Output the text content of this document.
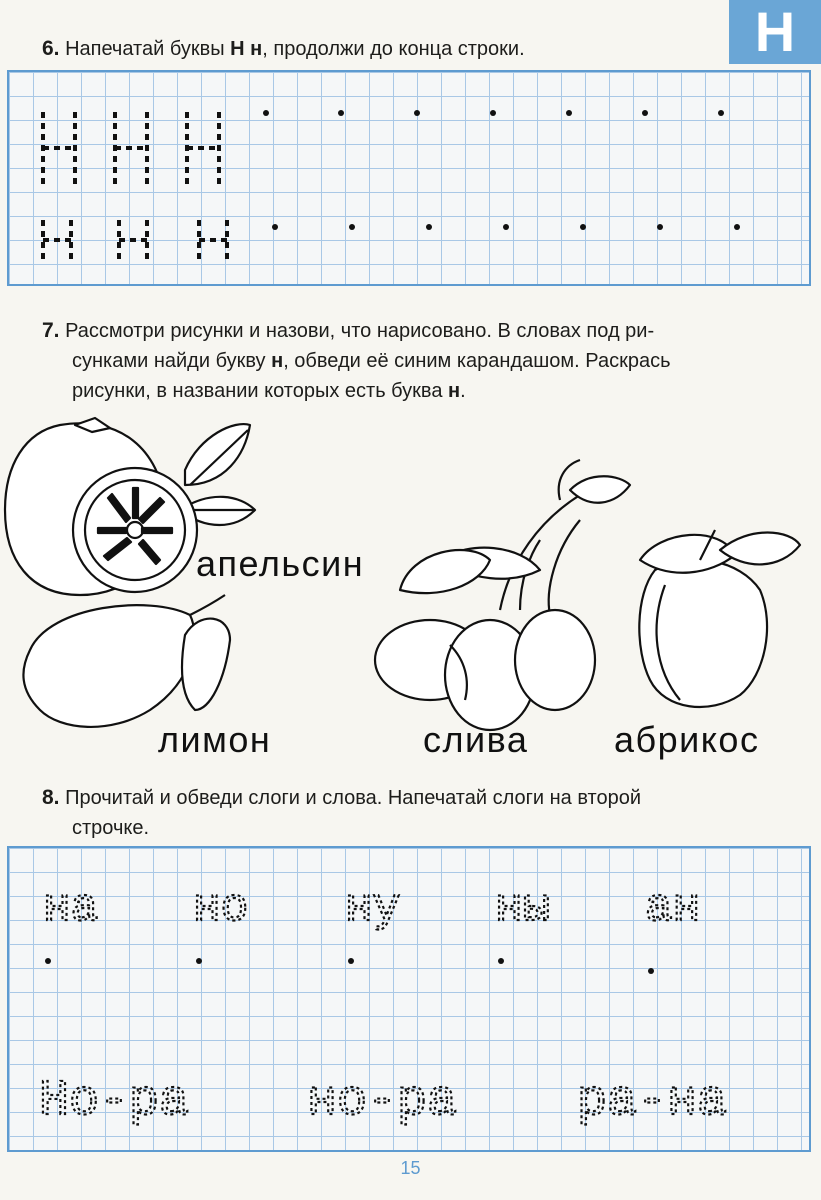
Н
6. Напечатай буквы Н н, продолжи до конца строки.
7. Рассмотри рисунки и назови, что нарисовано. В словах под ри-
сунками найди букву н, обведи её синим карандашом. Раскрась
рисунки, в названии которых есть буква н.
апельсин
лимон	слива абрикос
8. Прочитай и обведи слоги и слова. Напечатай слоги на второй
строчке.
на но ну ны ан
Но-ра но-ра ра-на
15
